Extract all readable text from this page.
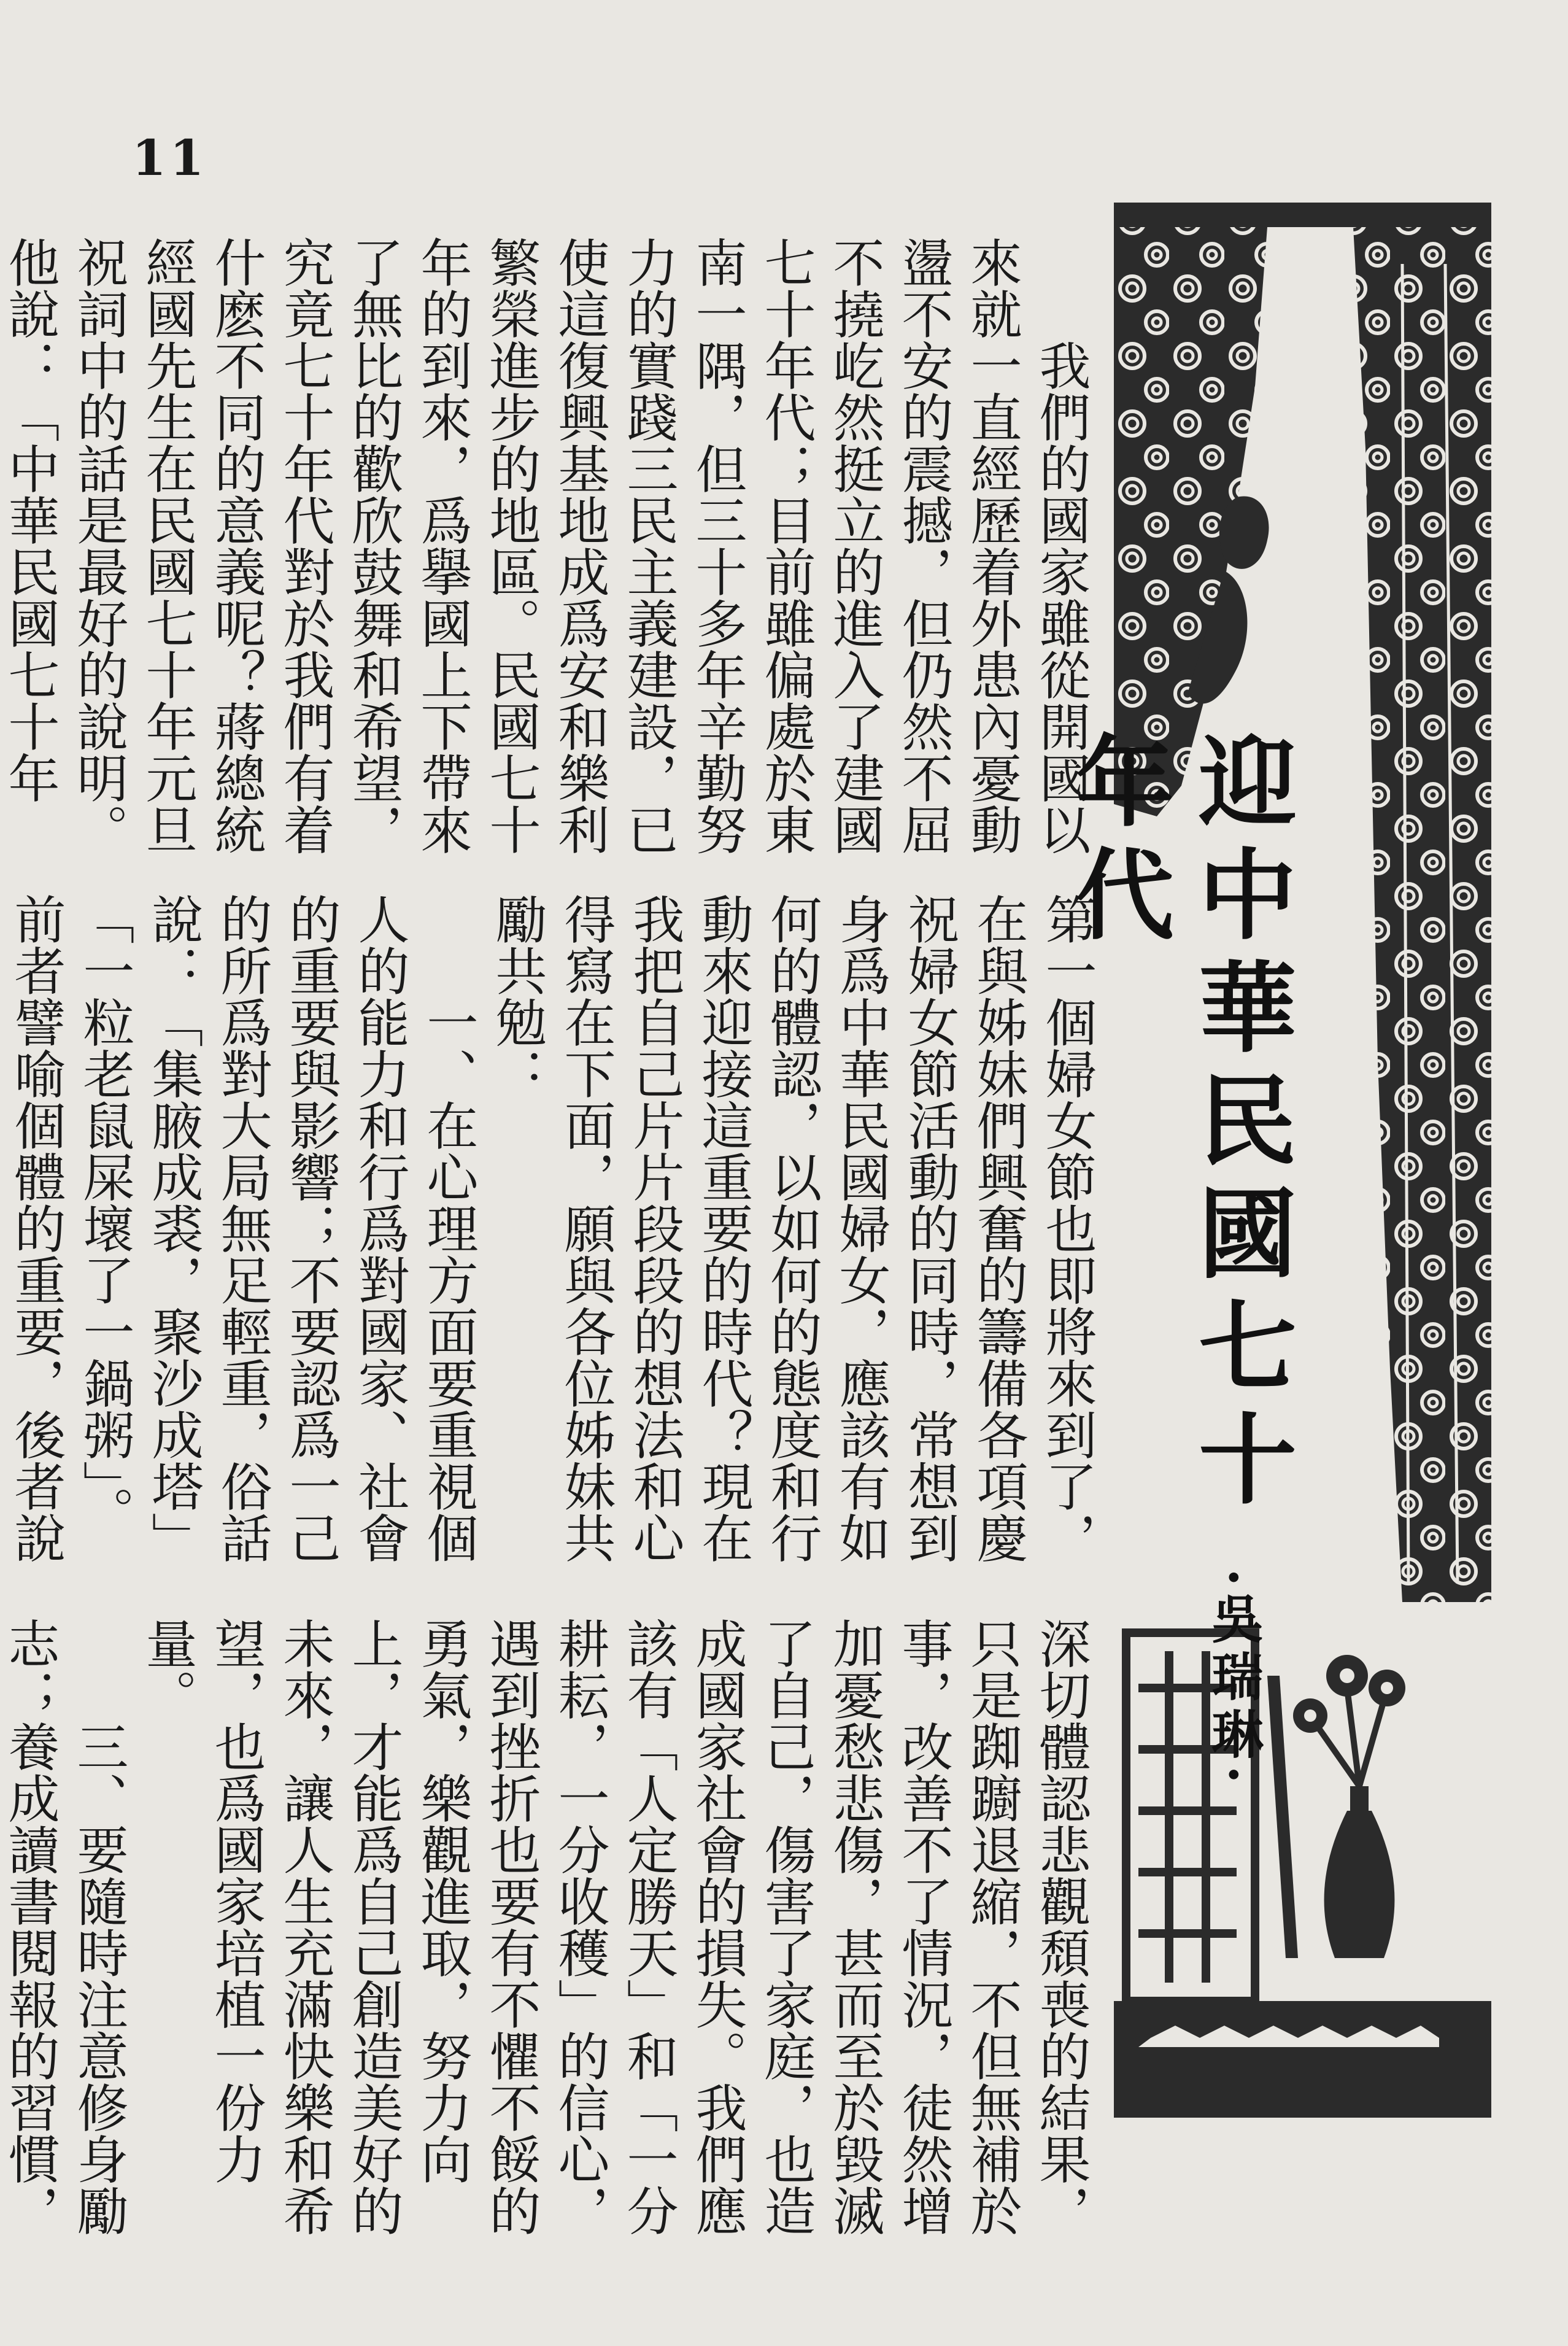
11

我們的國家雖從開國以來就一直經歷着外患內憂動盪不安的震撼，但仍然不屈不撓屹然挺立的進入了建國七十年代；目前雖偏處於東南一隅，但三十多年辛勤努力的實踐三民主義建設，已使這復興基地成爲安和樂利繁榮進步的地區。民國七十年的到來，爲擧國上下帶來了無比的歡欣鼓舞和希望，究竟七十年代對於我們有着什麽不同的意義呢？蔣總統經國先生在民國七十年元旦祝詞中的話是最好的說明。他說：「中華民國七十年

第一個婦女節也即將來到了，在與姊妹們興奮的籌備各項慶祝婦女節活動的同時，常想到身爲中華民國婦女，應該有如何的體認，以如何的態度和行動來迎接這重要的時代？現在我把自己片片段段的想法和心得寫在下面，願與各位姊妹共勵共勉：

一、在心理方面要重視個人的能力和行爲對國家、社會的重要與影響；不要認爲一己的所爲對大局無足輕重，俗話說：「集腋成裘，聚沙成塔」「一粒老鼠屎壞了一鍋粥」。前者譬喻個體的重要，後者說

深切體認悲觀頹喪的結果，只是踟躕退縮，不但無補於事，改善不了情況，徒然增加憂愁悲傷，甚而至於毀滅了自己，傷害了家庭，也造成國家社會的損失。我們應該有「人定勝天」和「一分耕耘，一分收穫」的信心，遇到挫折也要有不懼不餒的勇氣，樂觀進取，努力向上，才能爲自己創造美好的未來，讓人生充滿快樂和希望，也爲國家培植一份力量。

三、要隨時注意修身勵志；養成讀書閱報的習慣，

迎中華民國七十年代
·吳瑞琳·
